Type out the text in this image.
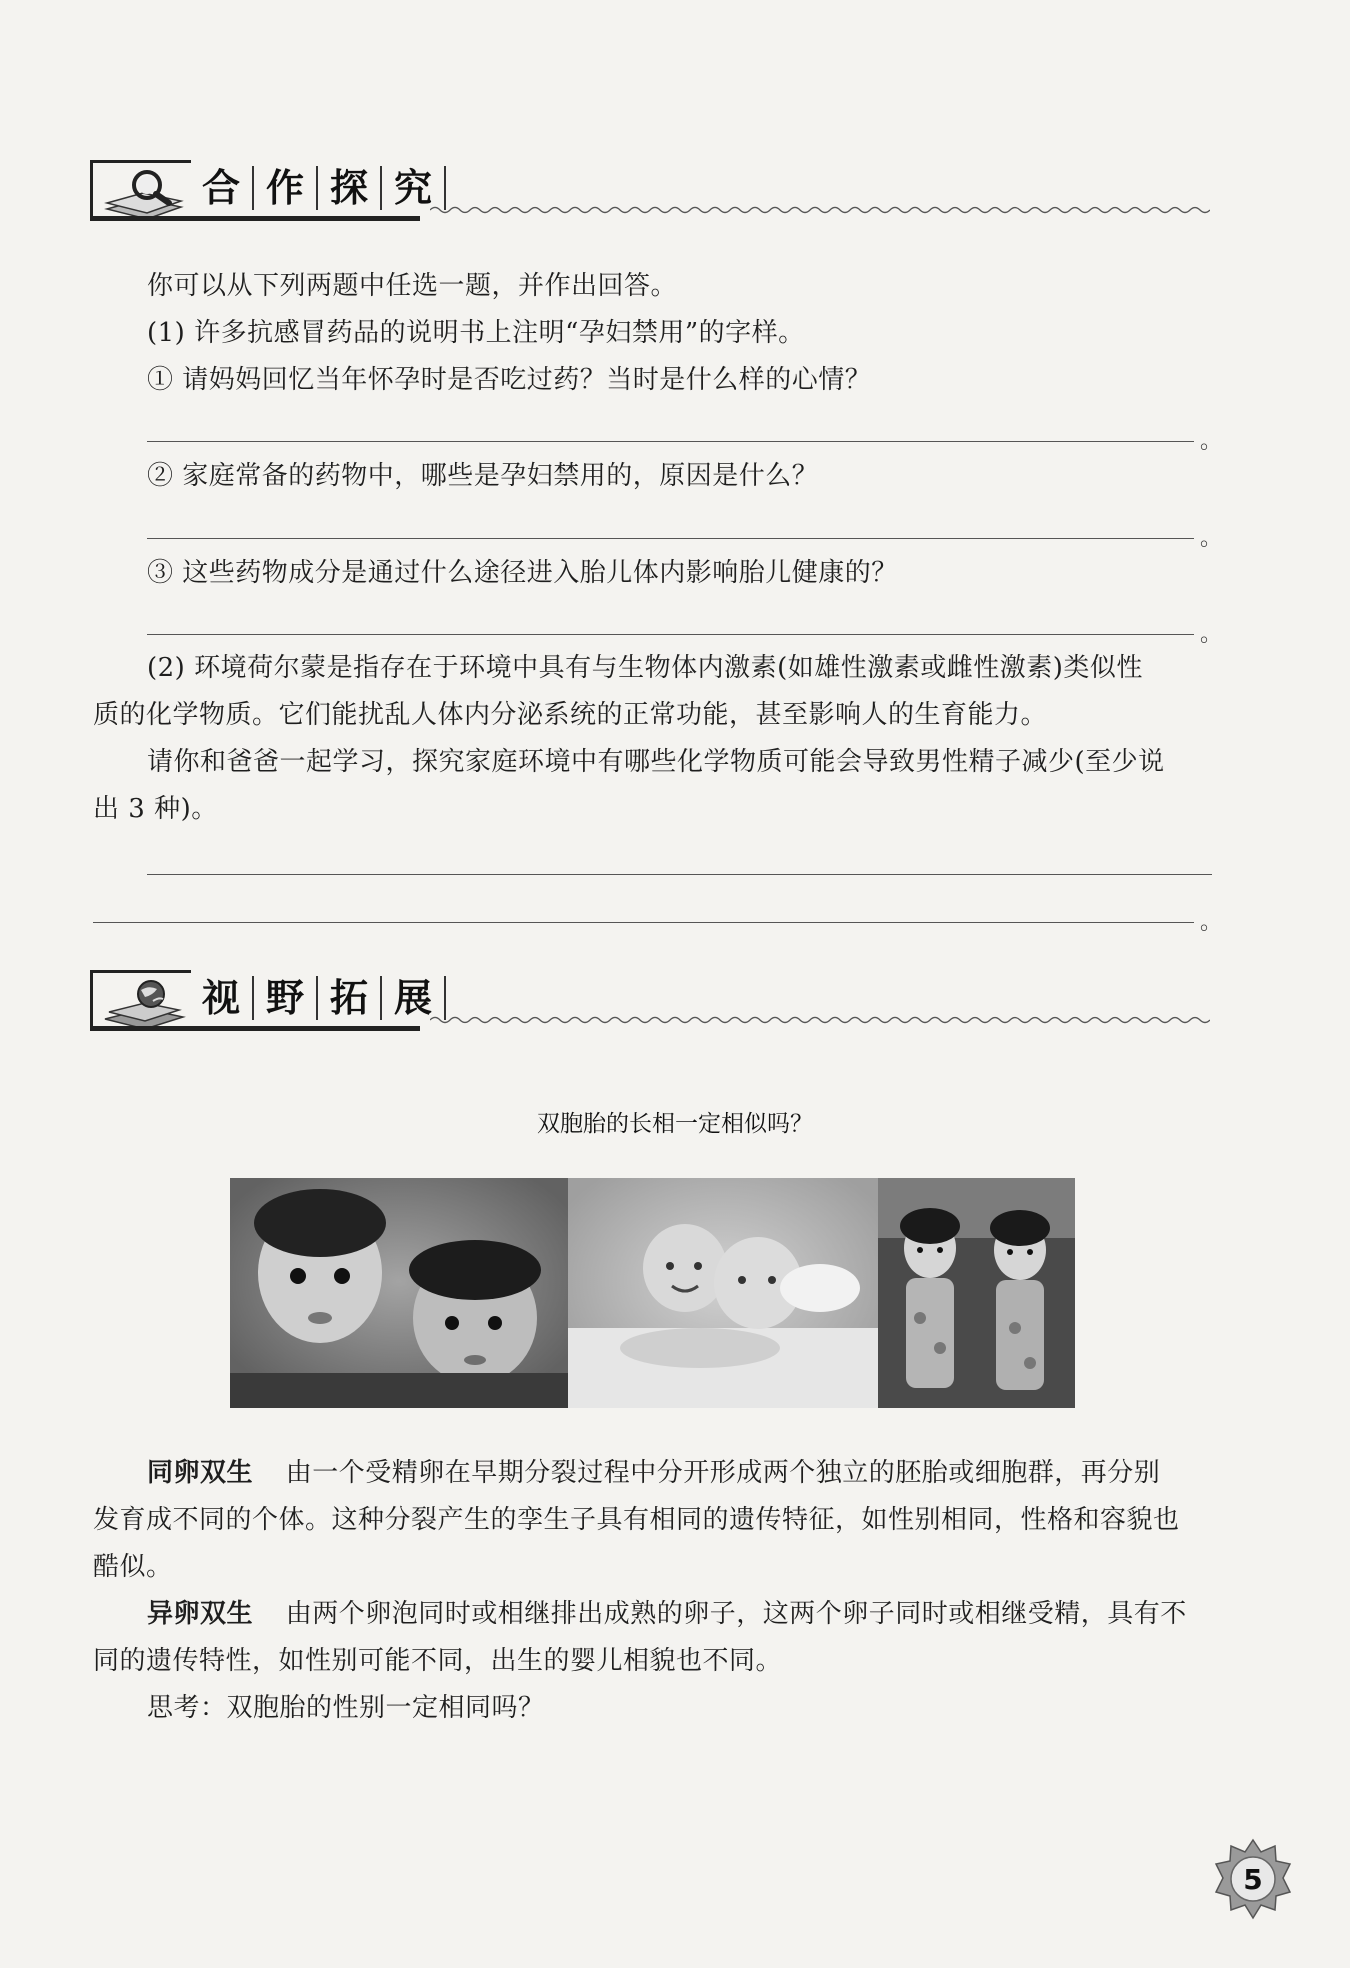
合 作 探 究
你可以从下列两题中任选一题，并作出回答。
(1) 许多抗感冒药品的说明书上注明“孕妇禁用”的字样。
① 请妈妈回忆当年怀孕时是否吃过药？当时是什么样的心情？
。
② 家庭常备的药物中，哪些是孕妇禁用的，原因是什么？
。
③ 这些药物成分是通过什么途径进入胎儿体内影响胎儿健康的？
。
(2) 环境荷尔蒙是指存在于环境中具有与生物体内激素(如雄性激素或雌性激素)类似性
质的化学物质。它们能扰乱人体内分泌系统的正常功能，甚至影响人的生育能力。
请你和爸爸一起学习，探究家庭环境中有哪些化学物质可能会导致男性精子减少(至少说
出 3 种)。
。
视 野 拓 展
双胞胎的长相一定相似吗？
同卵双生 由一个受精卵在早期分裂过程中分开形成两个独立的胚胎或细胞群，再分别
发育成不同的个体。这种分裂产生的孪生子具有相同的遗传特征，如性别相同，性格和容貌也
酷似。
异卵双生 由两个卵泡同时或相继排出成熟的卵子，这两个卵子同时或相继受精，具有不
同的遗传特性，如性别可能不同，出生的婴儿相貌也不同。
思考：双胞胎的性别一定相同吗？
5
